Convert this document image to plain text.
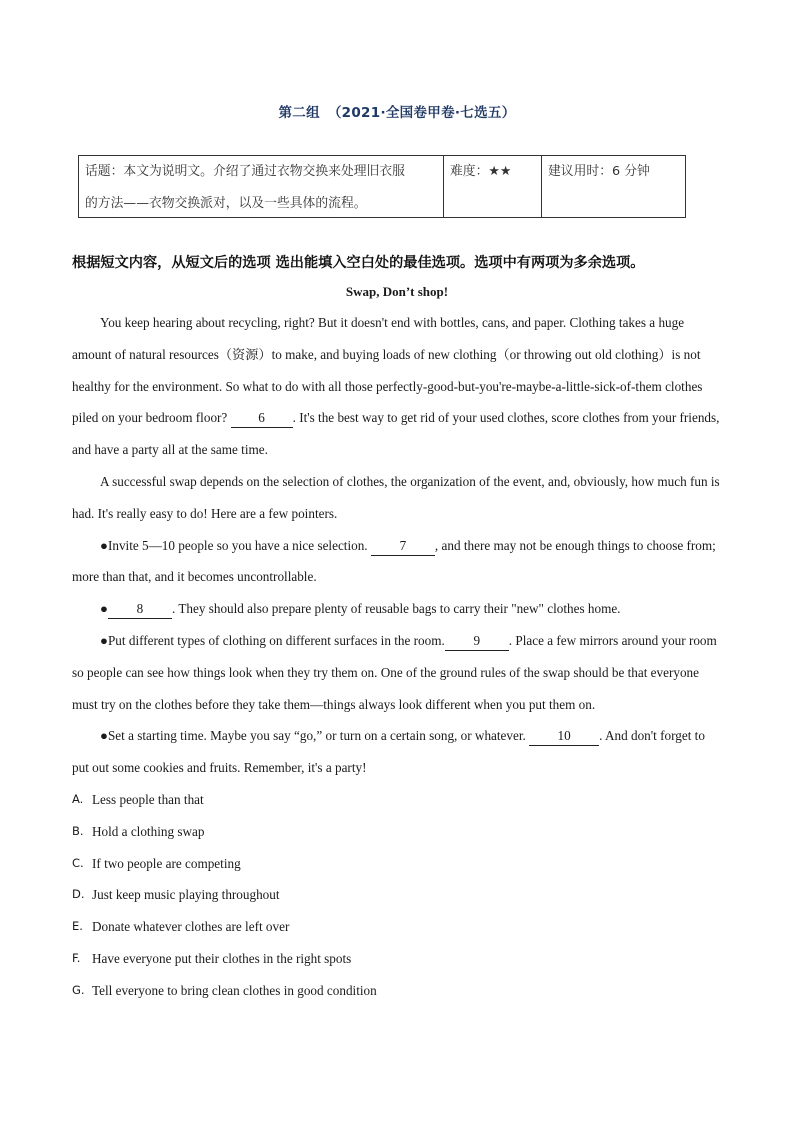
第二组 （2021·全国卷甲卷·七选五）
话题：本文为说明文。介绍了通过衣物交换来处理旧衣服
的方法——衣物交换派对，以及一些具体的流程。
难度：★★	建议用时：6 分钟
根据短文内容，从短文后的选项 选出能填入空白处的最佳选项。选项中有两项为多余选项。
Swap, Don’t shop!

You keep hearing about recycling, right? But it doesn't end with bottles, cans, and paper. Clothing takes a huge amount of natural resources（资源）to make, and buying loads of new clothing（or throwing out old clothing）is not healthy for the environment. So what to do with all those perfectly-good-but-you're-maybe-a-little-sick-of-them clothes piled on your bedroom floor? 6 . It's the best way to get rid of your used clothes, score clothes from your friends, and have a party all at the same time.

A successful swap depends on the selection of clothes, the organization of the event, and, obviously, how much fun is had. It's really easy to do! Here are a few pointers.

●Invite 5—10 people so you have a nice selection. 7 , and there may not be enough things to choose from; more than that, and it becomes uncontrollable.

● 8 . They should also prepare plenty of reusable bags to carry their "new" clothes home.

●Put different types of clothing on different surfaces in the room. 9 . Place a few mirrors around your room so people can see how things look when they try them on. One of the ground rules of the swap should be that everyone must try on the clothes before they take them—things always look different when you put them on.

●Set a starting time. Maybe you say “go,” or turn on a certain song, or whatever. 10 . And don't forget to put out some cookies and fruits. Remember, it's a party!

A. Less people than that
B. Hold a clothing swap
C. If two people are competing
D. Just keep music playing throughout
E. Donate whatever clothes are left over
F. Have everyone put their clothes in the right spots
G. Tell everyone to bring clean clothes in good condition
